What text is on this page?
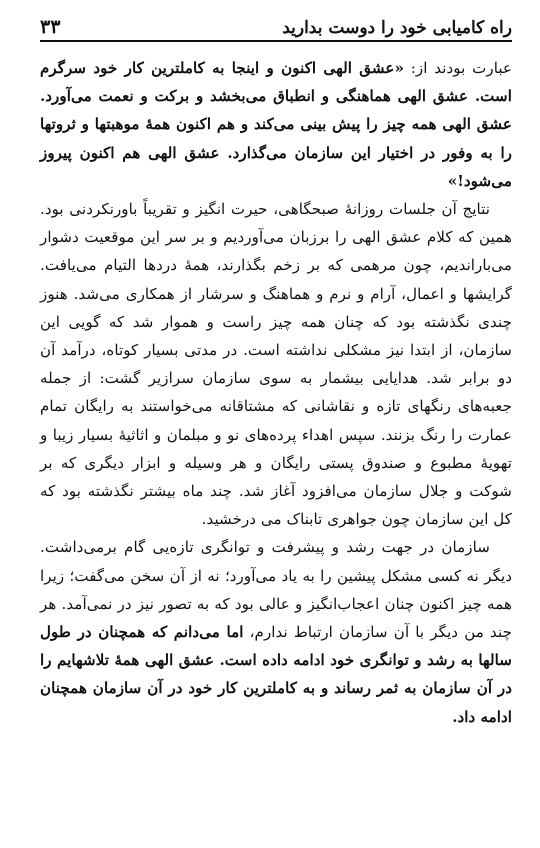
راه کامیابی خود را دوست بدارید
۳۳

عبارت بودند از: «عشق الهی اکنون و اینجا به کاملترین کار خود سرگرم است. عشق الهی هماهنگی و انطباق می‌بخشد و برکت و نعمت می‌آورد. عشق الهی همه چیز را پیش بینی می‌کند و هم اکنون همهٔ موهبتها و ثروتها را به وفور در اختیار این سازمان می‌گذارد. عشق الهی هم اکنون پیروز می‌شود!»

نتایج آن جلسات روزانهٔ صبحگاهی، حیرت انگیز و تقریباً باورنکردنی بود. همین که کلام عشق الهی را برزبان می‌آوردیم و بر سر این موقعیت دشوار می‌باراندیم، چون مرهمی که بر زخم بگذارند، همهٔ دردها التیام می‌یافت. گرایشها و اعمال، آرام و نرم و هماهنگ و سرشار از همکاری می‌شد. هنوز چندی نگذشته بود که چنان همه چیز راست و هموار شد که گویی این سازمان، از ابتدا نیز مشکلی نداشته است. در مدتی بسیار کوتاه، درآمد آن دو برابر شد. هدایایی بیشمار به سوی سازمان سرازیر گشت: از جمله جعبه‌های رنگهای تازه و نقاشانی که مشتاقانه می‌خواستند به رایگان تمام عمارت را رنگ بزنند. سپس اهداء پرده‌های نو و مبلمان و اثاثیهٔ بسیار زیبا و تهویهٔ مطبوع و صندوق پستی رایگان و هر وسیله و ابزار دیگری که بر شوکت و جلال سازمان می‌افزود آغاز شد. چند ماه بیشتر نگذشته بود که کل این سازمان چون جواهری تابناک می درخشید.

سازمان در جهت رشد و پیشرفت و توانگری تازه‌یی گام برمی‌داشت. دیگر نه کسی مشکل پیشین را به یاد می‌آورد؛ نه از آن سخن می‌گفت؛ زیرا همه چیز اکنون چنان اعجاب‌انگیز و عالی بود که به تصور نیز در نمی‌آمد. هر چند من دیگر با آن سازمان ارتباط ندارم، اما می‌دانم که همچنان در طول سالها به رشد و توانگری خود ادامه داده است. عشق الهی همهٔ تلاشهایم را در آن سازمان به ثمر رساند و به کاملترین کار خود در آن سازمان همچنان ادامه داد.
